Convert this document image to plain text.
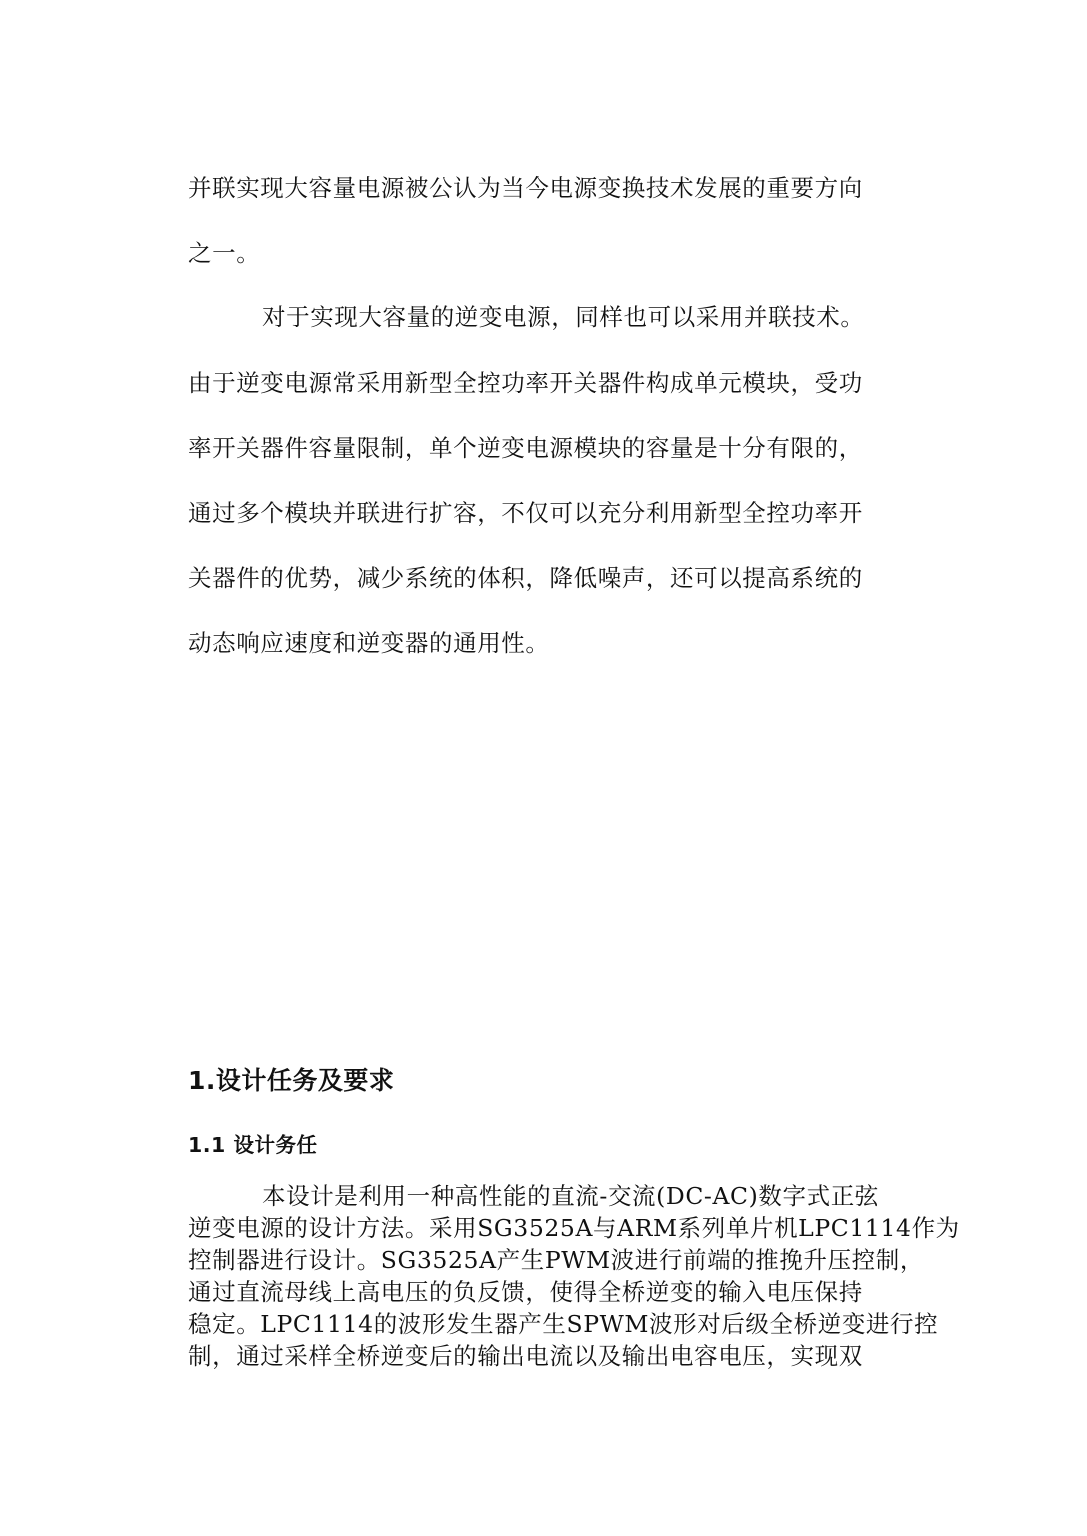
并联实现大容量电源被公认为当今电源变换技术发展的重要方向
之一。
对于实现大容量的逆变电源，同样也可以采用并联技术。
由于逆变电源常采用新型全控功率开关器件构成单元模块，受功
率开关器件容量限制，单个逆变电源模块的容量是十分有限的，
通过多个模块并联进行扩容，不仅可以充分利用新型全控功率开
关器件的优势，减少系统的体积，降低噪声，还可以提高系统的
动态响应速度和逆变器的通用性。
1.设计任务及要求
1.1 设计务任
本设计是利用一种高性能的直流-交流(DC-AC)数字式正弦
逆变电源的设计方法。采用SG3525A与ARM系列单片机LPC1114作为
控制器进行设计。SG3525A产生PWM波进行前端的推挽升压控制，
通过直流母线上高电压的负反馈，使得全桥逆变的输入电压保持
稳定。LPC1114的波形发生器产生SPWM波形对后级全桥逆变进行控
制，通过采样全桥逆变后的输出电流以及输出电容电压，实现双
